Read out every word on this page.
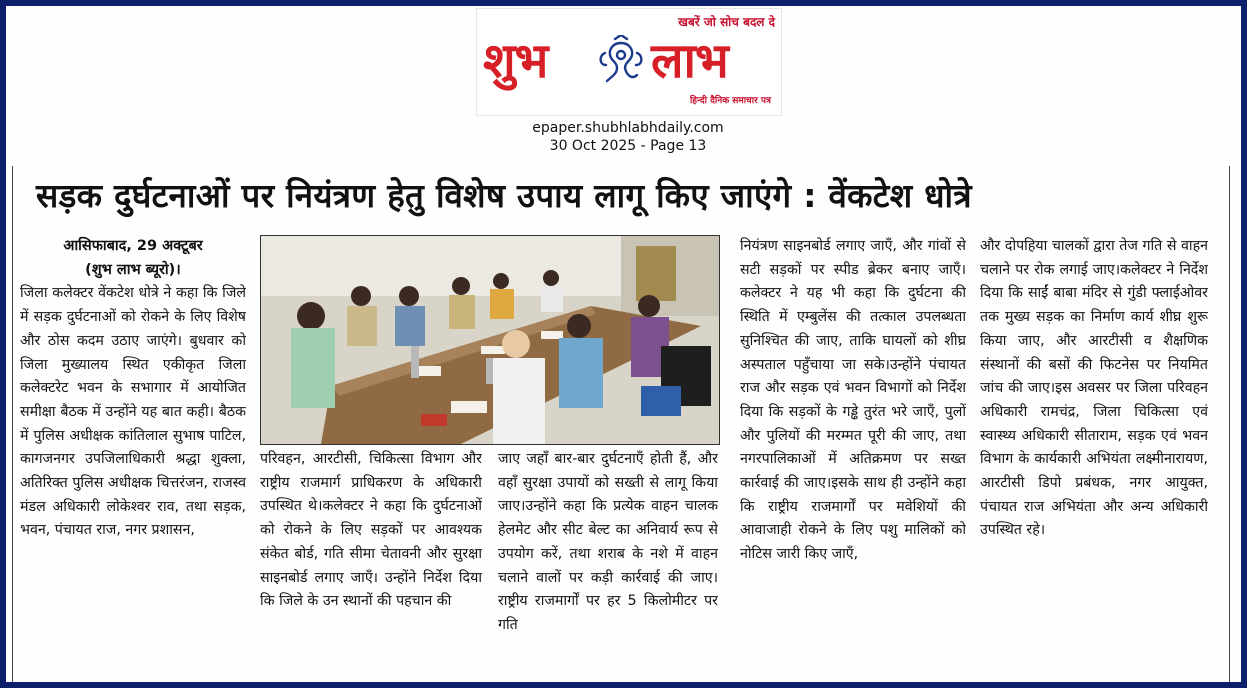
खबरें जो सोच बदल दे
शुभ लाभ
हिन्दी दैनिक समाचार पत्र
epaper.shubhlabhdaily.com
30 Oct 2025 - Page 13
सड़क दुर्घटनाओं पर नियंत्रण हेतु विशेष उपाय लागू किए जाएंगे : वेंकटेश धोत्रे
आसिफाबाद, 29 अक्टूबर
(शुभ लाभ ब्यूरो)।
जिला कलेक्टर वेंकटेश धोत्रे ने कहा कि जिले में सड़क दुर्घटनाओं को रोकने के लिए विशेष और ठोस कदम उठाए जाएंगे। बुधवार को जिला मुख्यालय स्थित एकीकृत जिला कलेक्टरेट भवन के सभागार में आयोजित समीक्षा बैठक में उन्होंने यह बात कही। बैठक में पुलिस अधीक्षक कांतिलाल सुभाष पाटिल, कागजनगर उपजिलाधिकारी श्रद्धा शुक्ला, अतिरिक्त पुलिस अधीक्षक चित्तरंजन, राजस्व मंडल अधिकारी लोकेश्वर राव, तथा सड़क, भवन, पंचायत राज, नगर प्रशासन,
परिवहन, आरटीसी, चिकित्सा विभाग और राष्ट्रीय राजमार्ग प्राधिकरण के अधिकारी उपस्थित थे।कलेक्टर ने कहा कि दुर्घटनाओं को रोकने के लिए सड़कों पर आवश्यक संकेत बोर्ड, गति सीमा चेतावनी और सुरक्षा साइनबोर्ड लगाए जाएँ। उन्होंने निर्देश दिया कि जिले के उन स्थानों की पहचान की
जाए जहाँ बार-बार दुर्घटनाएँ होती हैं, और वहाँ सुरक्षा उपायों को सख्ती से लागू किया जाए।उन्होंने कहा कि प्रत्येक वाहन चालक हेलमेट और सीट बेल्ट का अनिवार्य रूप से उपयोग करें, तथा शराब के नशे में वाहन चलाने वालों पर कड़ी कार्रवाई की जाए। राष्ट्रीय राजमार्गों पर हर 5 किलोमीटर पर गति
नियंत्रण साइनबोर्ड लगाए जाएँ, और गांवों से सटी सड़कों पर स्पीड ब्रेकर बनाए जाएँ।कलेक्टर ने यह भी कहा कि दुर्घटना की स्थिति में एम्बुलेंस की तत्काल उपलब्धता सुनिश्चित की जाए, ताकि घायलों को शीघ्र अस्पताल पहुँचाया जा सके।उन्होंने पंचायत राज और सड़क एवं भवन विभागों को निर्देश दिया कि सड़कों के गड्ढे तुरंत भरे जाएँ, पुलों और पुलियों की मरम्मत पूरी की जाए, तथा नगरपालिकाओं में अतिक्रमण पर सख्त कार्रवाई की जाए।इसके साथ ही उन्होंने कहा कि राष्ट्रीय राजमार्गों पर मवेशियों की आवाजाही रोकने के लिए पशु मालिकों को नोटिस जारी किए जाएँ,
और दोपहिया चालकों द्वारा तेज गति से वाहन चलाने पर रोक लगाई जाए।कलेक्टर ने निर्देश दिया कि साईं बाबा मंदिर से गुंडी फ्लाईओवर तक मुख्य सड़क का निर्माण कार्य शीघ्र शुरू किया जाए, और आरटीसी व शैक्षणिक संस्थानों की बसों की फिटनेस पर नियमित जांच की जाए।इस अवसर पर जिला परिवहन अधिकारी रामचंद्र, जिला चिकित्सा एवं स्वास्थ्य अधिकारी सीताराम, सड़क एवं भवन विभाग के कार्यकारी अभियंता लक्ष्मीनारायण, आरटीसी डिपो प्रबंधक, नगर आयुक्त, पंचायत राज अभियंता और अन्य अधिकारी उपस्थित रहे।
